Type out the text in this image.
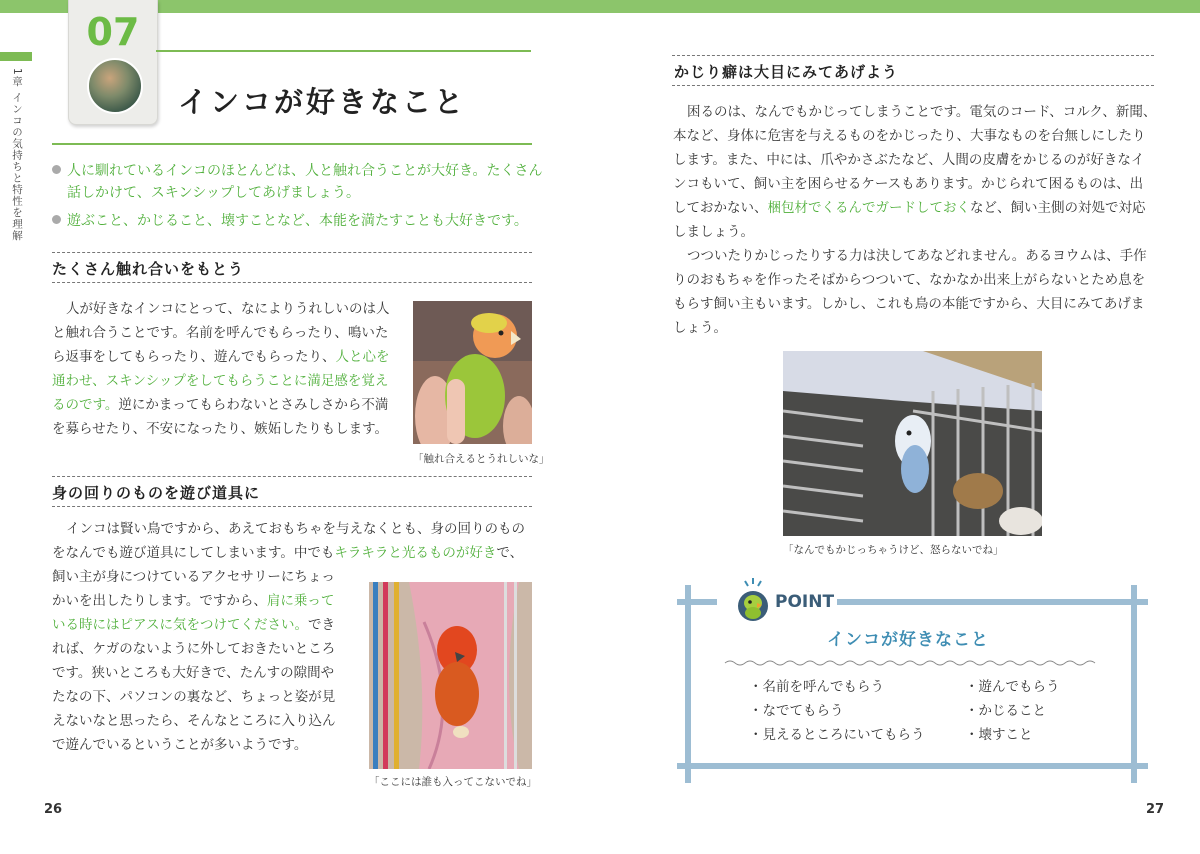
1章 インコの気持ちと特性を理解
07
インコが好きなこと
人に馴れているインコのほとんどは、人と触れ合うことが大好き。たくさん
話しかけて、スキンシップしてあげましょう。
遊ぶこと、かじること、壊すことなど、本能を満たすことも大好きです。
たくさん触れ合いをもとう
人が好きなインコにとって、なによりうれしいのは人
と触れ合うことです。名前を呼んでもらったり、鳴いた
ら返事をしてもらったり、遊んでもらったり、人と心を
通わせ、スキンシップをしてもらうことに満足感を覚え
るのです。逆にかまってもらわないとさみしさから不満
を募らせたり、不安になったり、嫉妬したりもします。
「触れ合えるとうれしいな」
身の回りのものを遊び道具に
インコは賢い鳥ですから、あえておもちゃを与えなくとも、身の回りのもの
をなんでも遊び道具にしてしまいます。中でもキラキラと光るものが好きで、
飼い主が身につけているアクセサリーにちょっ
かいを出したりします。ですから、肩に乗って
いる時にはピアスに気をつけてください。でき
れば、ケガのないように外しておきたいところ
です。狭いところも大好きで、たんすの隙間や
たなの下、パソコンの裏など、ちょっと姿が見
えないなと思ったら、そんなところに入り込ん
で遊んでいるということが多いようです。
「ここには誰も入ってこないでね」
26
かじり癖は大目にみてあげよう
困るのは、なんでもかじってしまうことです。電気のコード、コルク、新聞、
本など、身体に危害を与えるものをかじったり、大事なものを台無しにしたり
します。また、中には、爪やかさぶたなど、人間の皮膚をかじるのが好きなイ
ンコもいて、飼い主を困らせるケースもあります。かじられて困るものは、出
しておかない、梱包材でくるんでガードしておくなど、飼い主側の対処で対応
しましょう。
つついたりかじったりする力は決してあなどれません。あるヨウムは、手作
りのおもちゃを作ったそばからつついて、なかなか出来上がらないとため息を
もらす飼い主もいます。しかし、これも鳥の本能ですから、大目にみてあげま
しょう。
「なんでもかじっちゃうけど、怒らないでね」
POINT
インコが好きなこと
・名前を呼んでもらう
・なでてもらう
・見えるところにいてもらう
・遊んでもらう
・かじること
・壊すこと
27
